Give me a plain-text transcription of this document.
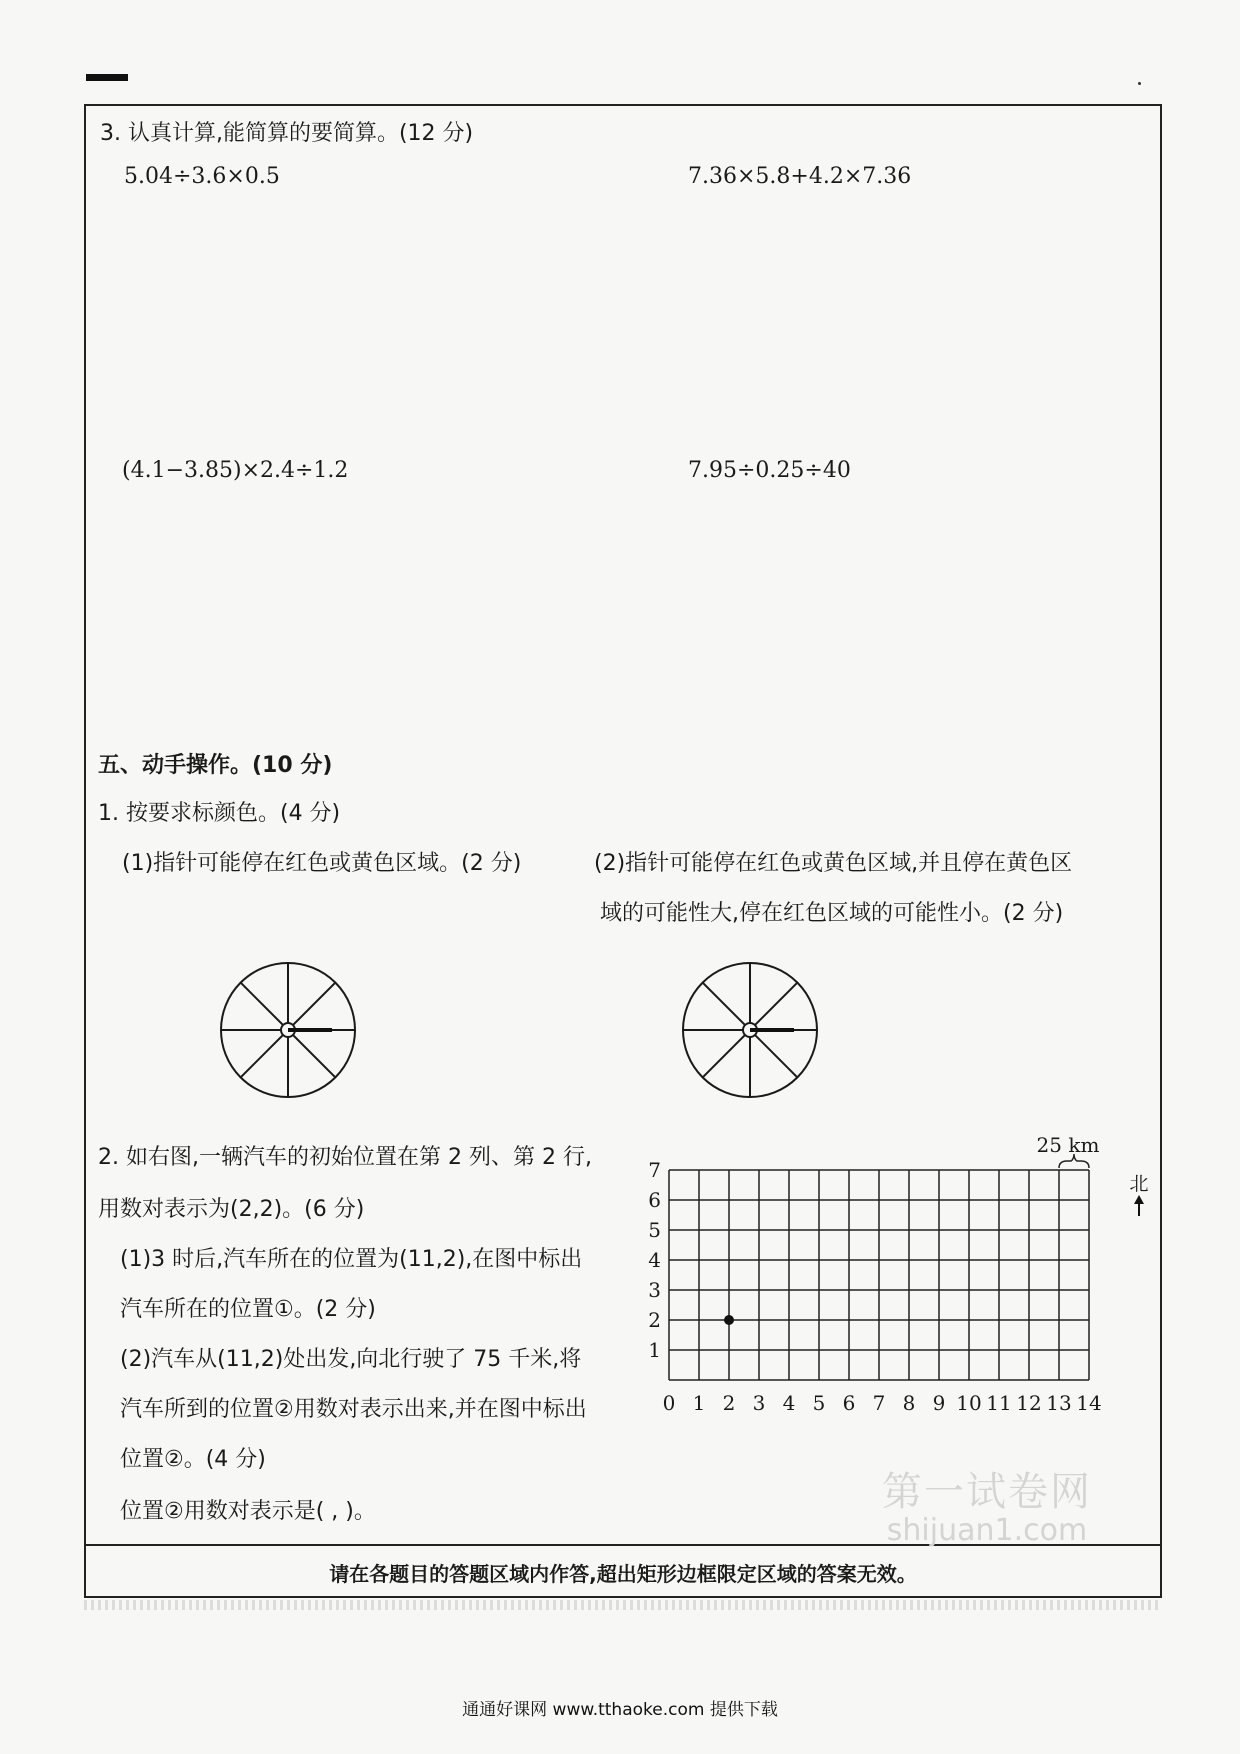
3. 认真计算,能简算的要简算。(12 分)
5.04÷3.6×0.5	7.36×5.8+4.2×7.36
(4.1−3.85)×2.4÷1.2	7.95÷0.25÷40
五、动手操作。(10 分)
1. 按要求标颜色。(4 分)
(1)指针可能停在红色或黄色区域。(2 分)	(2)指针可能停在红色或黄色区域,并且停在黄色区
域的可能性大,停在红色区域的可能性小。(2 分)
2. 如右图,一辆汽车的初始位置在第 2 列、第 2 行,
用数对表示为(2,2)。(6 分)
(1)3 时后,汽车所在的位置为(11,2),在图中标出
汽车所在的位置①。(2 分)
(2)汽车从(11,2)处出发,向北行驶了 75 千米,将
汽车所到的位置②用数对表示出来,并在图中标出
位置②。(4 分)
位置②用数对表示是( , )。
0 1 2 3 4 5 6 7 8 9 10 11 12 13 14
1
2
3
4
5
6
7
25 km
北
请在各题目的答题区域内作答,超出矩形边框限定区域的答案无效。
第一试卷网
shijuan1.com
通通好课网 www.tthaoke.com 提供下载
